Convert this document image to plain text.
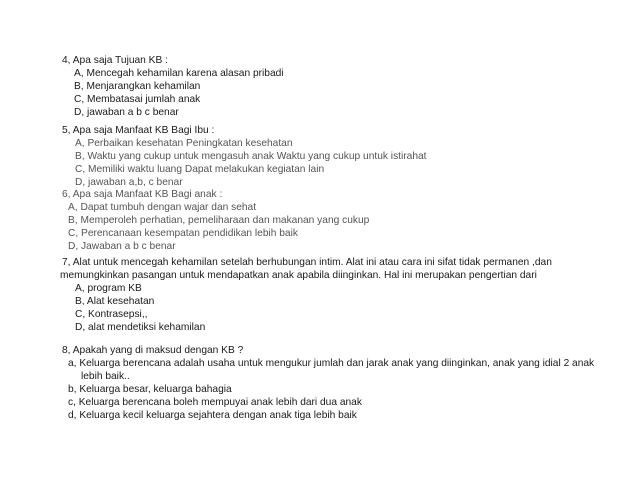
4, Apa saja Tujuan KB :
A, Mencegah kehamilan karena alasan pribadi
B, Menjarangkan kehamilan
C, Membatasai jumlah anak
D, jawaban a b c benar
5, Apa saja Manfaat KB Bagi Ibu :
A, Perbaikan kesehatan Peningkatan kesehatan
B, Waktu yang cukup untuk mengasuh anak Waktu yang cukup untuk istirahat
C, Memiliki waktu luang Dapat melakukan kegiatan lain
D, jawaban a,b, c benar
6, Apa saja Manfaat KB Bagi anak :
A, Dapat tumbuh dengan wajar dan sehat
B, Memperoleh perhatian, pemeliharaan dan makanan yang cukup
C, Perencanaan kesempatan pendidikan lebih baik
D, Jawaban a b c benar
7, Alat untuk mencegah kehamilan setelah berhubungan intim. Alat ini atau cara ini sifat tidak permanen ,dan
memungkinkan pasangan untuk mendapatkan anak apabila diinginkan. Hal ini merupakan pengertian dari
A, program KB
B, Alat kesehatan
C, Kontrasepsi,,
D, alat mendetiksi kehamilan
8, Apakah yang di maksud dengan KB ?
a, Keluarga berencana adalah usaha untuk mengukur jumlah dan jarak anak yang diinginkan, anak yang idial 2 anak
lebih baik..
b, Keluarga besar, keluarga bahagia
c, Keluarga berencana boleh mempuyai anak lebih dari dua anak
d, Keluarga kecil keluarga sejahtera dengan anak tiga lebih baik
